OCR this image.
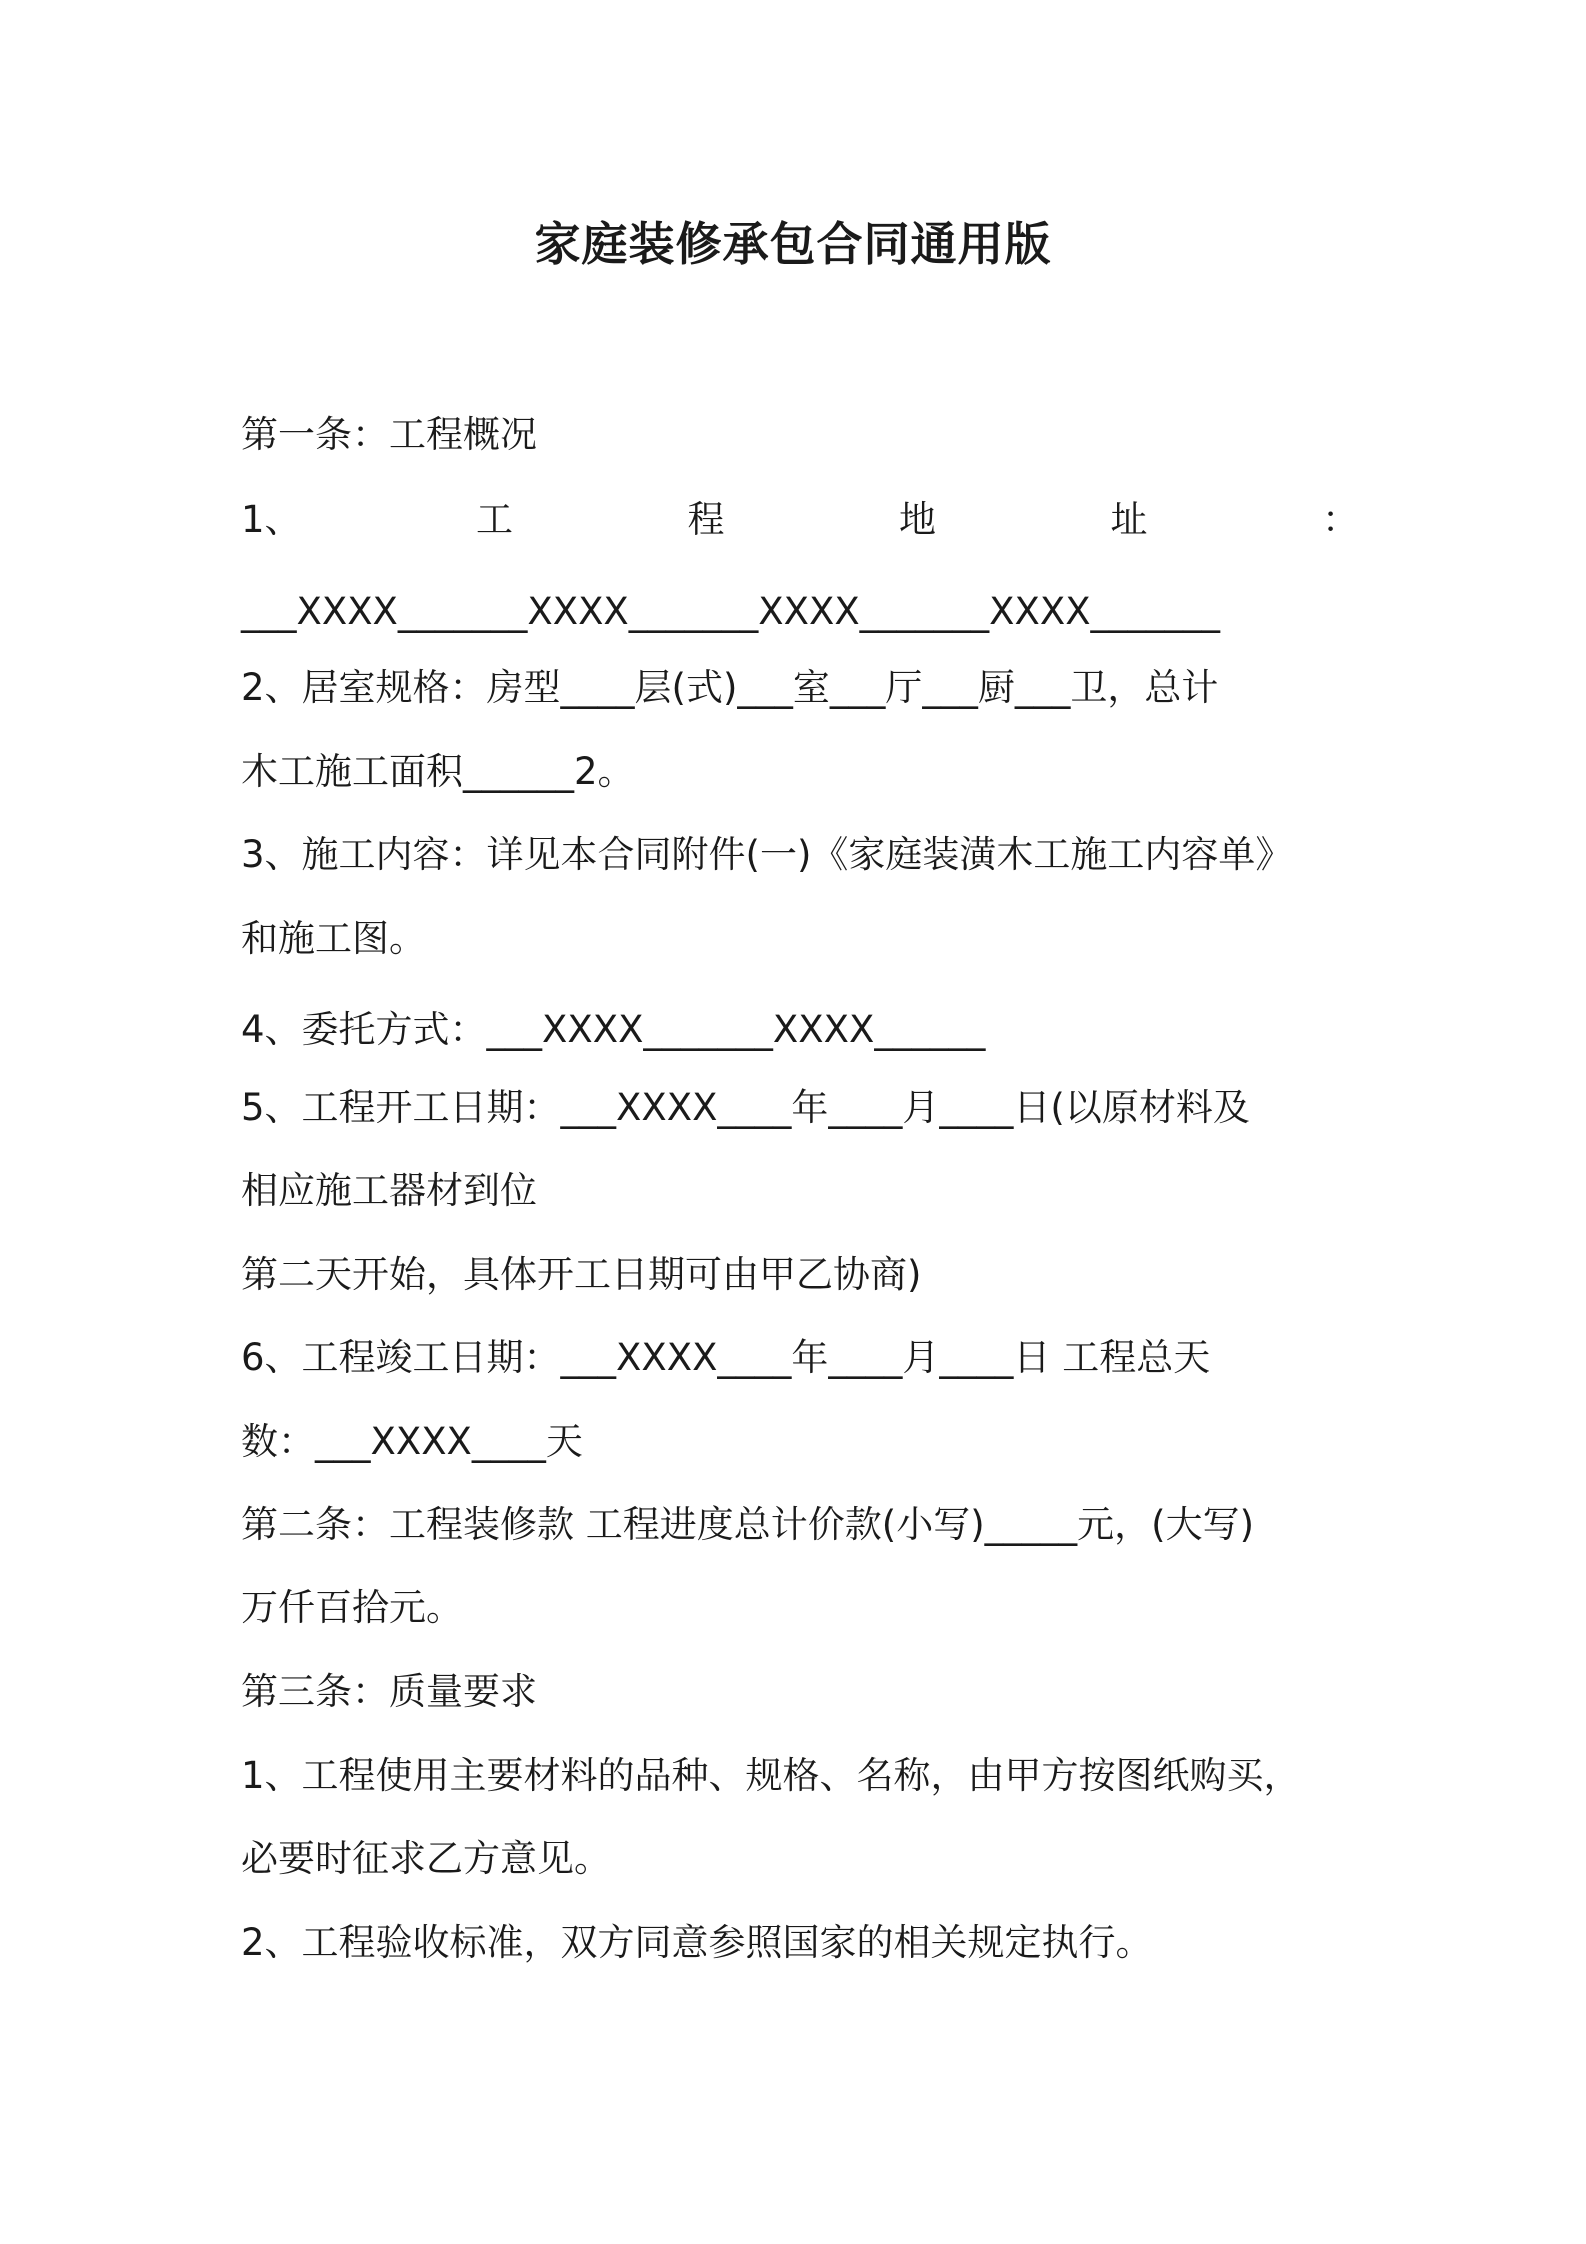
家庭装修承包合同通用版

第一条：工程概况

1、	工	程	地	址	：

___XXXX_______XXXX_______XXXX_______XXXX_______

2、居室规格：房型____层(式)___室___厅___厨___卫，总计

木工施工面积______2。

3、施工内容：详见本合同附件(一)《家庭装潢木工施工内容单》

和施工图。

4、委托方式：___XXXX_______XXXX______

5、工程开工日期：___XXXX____年____月____日(以原材料及

相应施工器材到位

第二天开始，具体开工日期可由甲乙协商)

6、工程竣工日期：___XXXX____年____月____日 工程总天

数：___XXXX____天

第二条：工程装修款 工程进度总计价款(小写)_____元，(大写)

万仟百拾元。

第三条：质量要求

1、工程使用主要材料的品种、规格、名称，由甲方按图纸购买，

必要时征求乙方意见。

2、工程验收标准，双方同意参照国家的相关规定执行。
